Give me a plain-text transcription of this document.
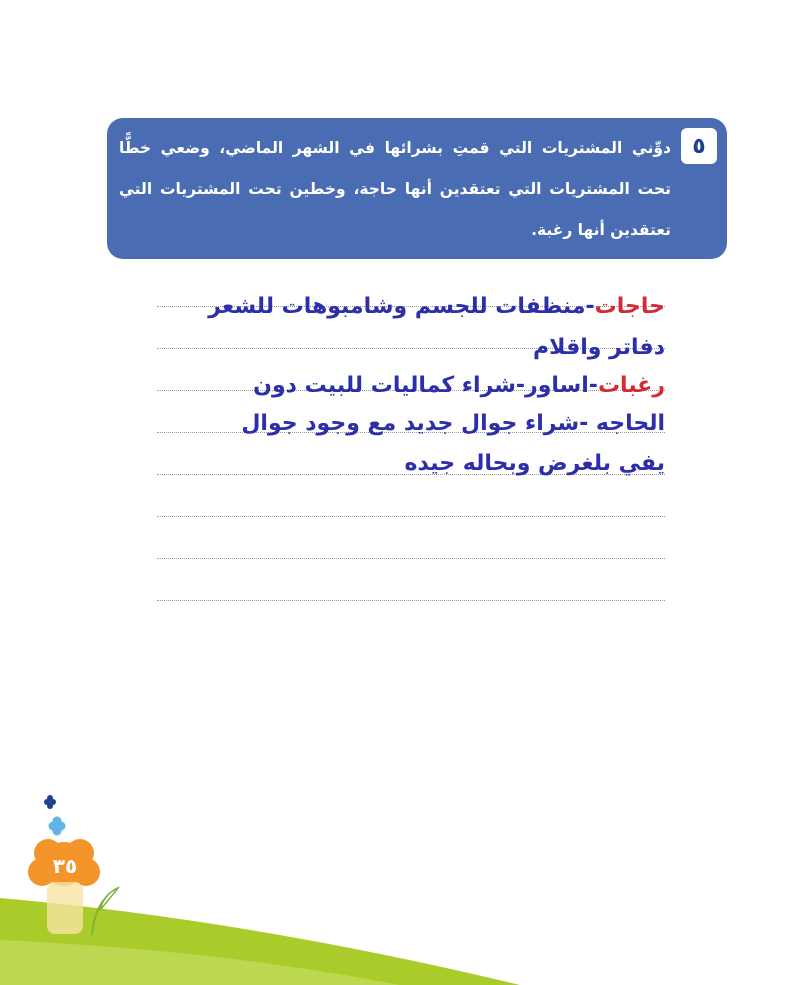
٥
دوِّني المشتريات التي قمتِ بشرائها في الشهر الماضي، وضعي خطًّا تحت المشتريات التي تعتقدين أنها حاجة، وخطين تحت المشتريات التي تعتقدين أنها رغبة.
حاجات-منظفات للجسم وشامبوهات للشعر
دفاتر واقلام
رغبات-اساور-شراء كماليات للبيت دون
الحاجه -شراء جوال جديد مع وجود جوال
يفي بلغرض وبحاله جيده
٣٥
